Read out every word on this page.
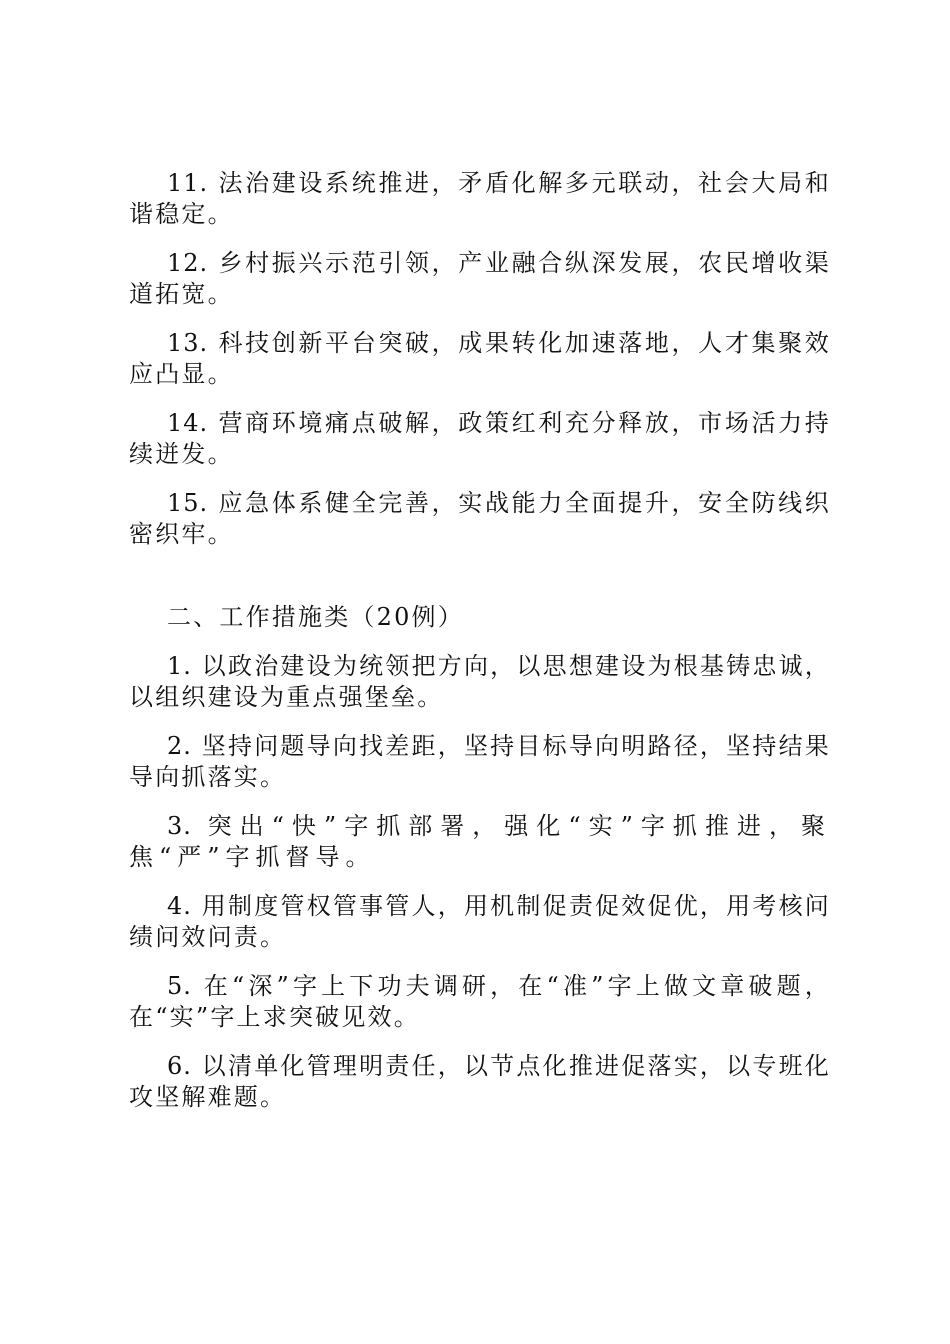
11. 法治建设系统推进，矛盾化解多元联动，社会大局和谐稳定。

12. 乡村振兴示范引领，产业融合纵深发展，农民增收渠道拓宽。

13. 科技创新平台突破，成果转化加速落地，人才集聚效应凸显。

14. 营商环境痛点破解，政策红利充分释放，市场活力持续迸发。

15. 应急体系健全完善，实战能力全面提升，安全防线织密织牢。

二、工作措施类（20例）

1. 以政治建设为统领把方向，以思想建设为根基铸忠诚，以组织建设为重点强堡垒。

2. 坚持问题导向找差距，坚持目标导向明路径，坚持结果导向抓落实。

3. 突出“快”字抓部署，强化“实”字抓推进，聚焦“严”字抓督导。

4. 用制度管权管事管人，用机制促责促效促优，用考核问绩问效问责。

5. 在“深”字上下功夫调研，在“准”字上做文章破题，在“实”字上求突破见效。

6. 以清单化管理明责任，以节点化推进促落实，以专班化攻坚解难题。
